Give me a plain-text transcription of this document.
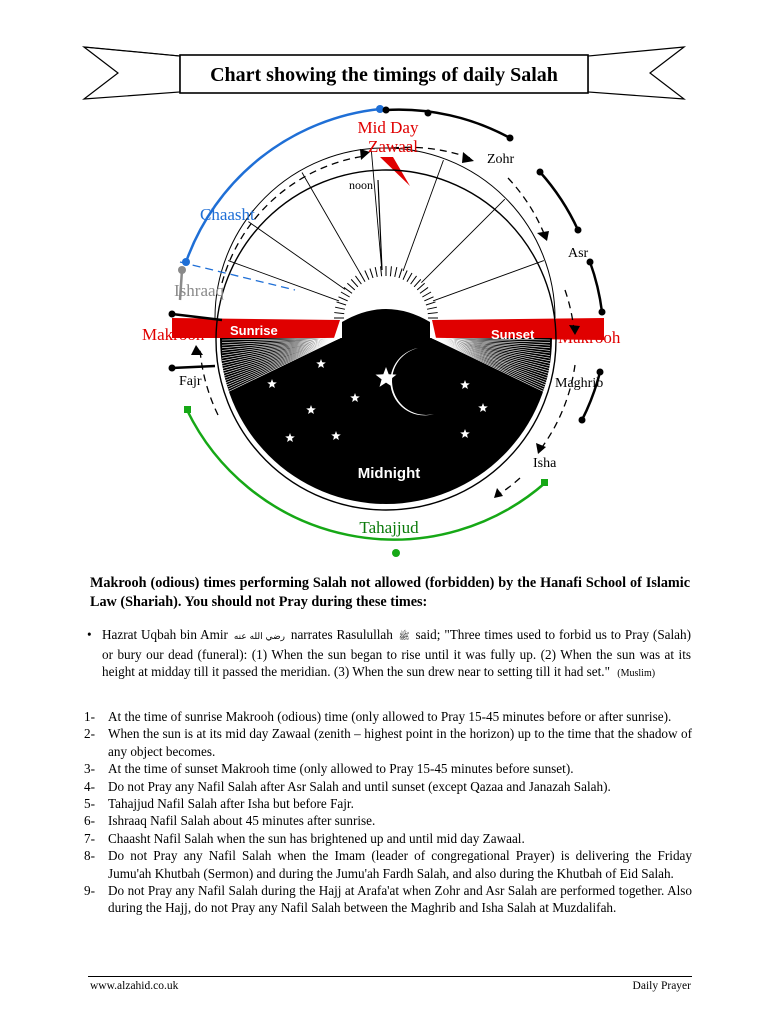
Chart showing the timings of daily Salah
Mid Day
Zawaal
noon
Zohr
Asr
Chaasht
Ishraaq
Makrooh	Makrooh
Sunrise	Sunset
Fajr	Maghrib
Isha
Midnight
Tahajjud
Makrooh (odious) times performing Salah not allowed (forbidden) by the Hanafi School of Islamic Law (Shariah). You should not Pray during these times:
• Hazrat Uqbah bin Amir رضي الله عنه narrates Rasulullah ﷺ said; "Three times used to forbid us to Pray (Salah) or bury our dead (funeral): (1) When the sun began to rise until it was fully up. (2) When the sun was at its height at midday till it passed the meridian. (3) When the sun drew near to setting till it had set." (Muslim)
1- At the time of sunrise Makrooh (odious) time (only allowed to Pray 15-45 minutes before or after sunrise).
2- When the sun is at its mid day Zawaal (zenith – highest point in the horizon) up to the time that the shadow of any object becomes.
3- At the time of sunset Makrooh time (only allowed to Pray 15-45 minutes before sunset).
4- Do not Pray any Nafil Salah after Asr Salah and until sunset (except Qazaa and Janazah Salah).
5- Tahajjud Nafil Salah after Isha but before Fajr.
6- Ishraaq Nafil Salah about 45 minutes after sunrise.
7- Chaasht Nafil Salah when the sun has brightened up and until mid day Zawaal.
8- Do not Pray any Nafil Salah when the Imam (leader of congregational Prayer) is delivering the Friday Jumu'ah Khutbah (Sermon) and during the Jumu'ah Fardh Salah, and also during the Khutbah of Eid Salah.
9- Do not Pray any Nafil Salah during the Hajj at Arafa'at when Zohr and Asr Salah are performed together. Also during the Hajj, do not Pray any Nafil Salah between the Maghrib and Isha Salah at Muzdalifah.
www.alzahid.co.uk	Daily Prayer
